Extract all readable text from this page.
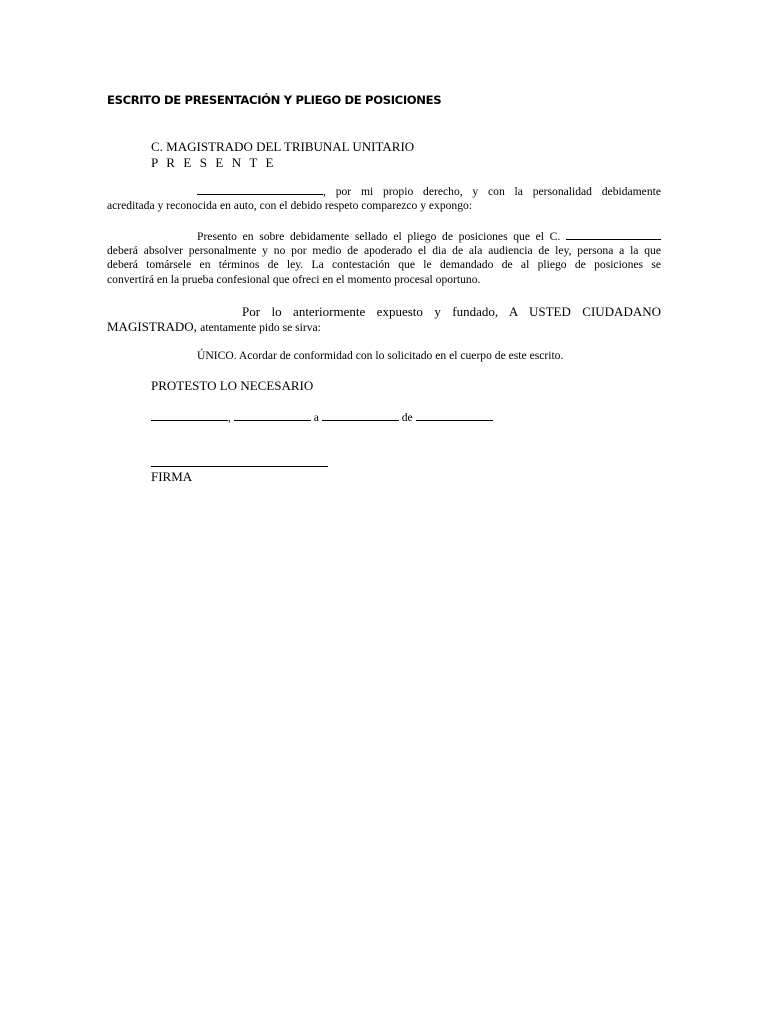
ESCRITO DE PRESENTACIÓN Y PLIEGO DE POSICIONES
C. MAGISTRADO DEL TRIBUNAL UNITARIO
P R E S E N T E
, por mi propio derecho, y con la personalidad debidamente
acreditada y reconocida en auto, con el debido respeto comparezco y expongo:
Presento en sobre debidamente sellado el pliego de posiciones que el C.
deberá absolver personalmente y no por medio de apoderado el dia de ala audiencia de ley, persona a la que
deberá tomársele en términos de ley. La contestación que le demandado de al pliego de posiciones se
convertirá en la prueba confesional que ofreci en el momento procesal oportuno.
Por lo anteriormente expuesto y fundado, A USTED CIUDADANO
MAGISTRADO, atentamente pido se sirva:
ÚNICO. Acordar de conformidad con lo solicitado en el cuerpo de este escrito.
PROTESTO LO NECESARIO
,	a	de
FIRMA
